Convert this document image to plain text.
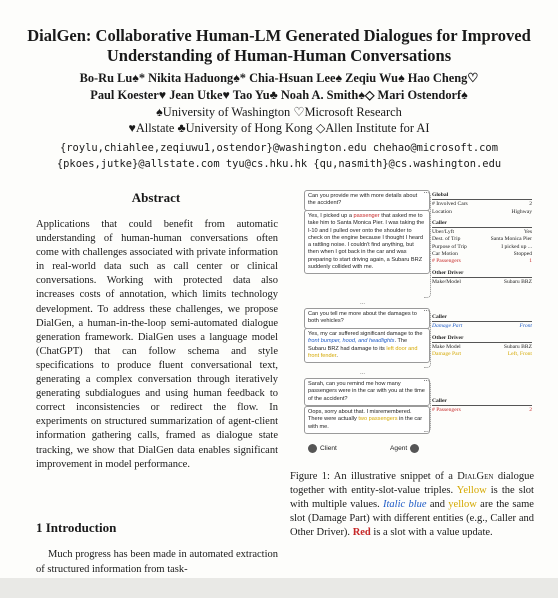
DialGen: Collaborative Human-LM Generated Dialogues for Improved Understanding of Human-Human Conversations
Bo-Ru Lu♠* Nikita Haduong♠* Chia-Hsuan Lee♠ Zeqiu Wu♠ Hao Cheng♡
Paul Koester♥ Jean Utke♥ Tao Yu♣ Noah A. Smith♠◇ Mari Ostendorf♠
♠University of Washington ♡Microsoft Research
♥Allstate ♣University of Hong Kong ◇Allen Institute for AI
{roylu,chiahlee,zeqiuwu1,ostendor}@washington.edu chehao@microsoft.com
{pkoes,jutke}@allstate.com tyu@cs.hku.hk {qu,nasmith}@cs.washington.edu
Abstract
Applications that could benefit from automatic understanding of human-human conversations often come with challenges associated with private information in real-world data such as call center or clinical conversations. Working with protected data also increases costs of annotation, which limits technology development. To address these challenges, we propose DialGen, a human-in-the-loop semi-automated dialogue generation framework. DialGen uses a language model (ChatGPT) that can follow schema and style specifications to produce fluent conversational text, generating a complex conversation through iteratively generating subdialogues and using human feedback to correct inconsistencies or redirect the flow. In experiments on structured summarization of agent-client information gathering calls, framed as dialogue state tracking, we show that DialGen data enables significant improvement in model performance.
1 Introduction
Much progress has been made in automated extraction of structured information from task-
Can you provide me with more details about the accident?
Yes, I picked up a passenger that asked me to take him to Santa Monica Pier. I was taking the I-10 and I pulled over onto the shoulder to check on the engine because I thought I heard a rattling noise. I couldn't find anything, but then when I got back in the car and was preparing to start driving again, a Subaru BRZ suddenly collided with me.
...
Can you tell me more about the damages to both vehicles?
Yes, my car suffered significant damage to the front bumper, hood, and headlights. The Subaru BRZ had damage to its left door and front fender.
...
Sarah, can you remind me how many passengers were in the car with you at the time of the accident?
Oops, sorry about that. I misremembered. There were actually two passengers in the car with me.
Global
# Involved Cars	2
Location	Highway
Caller
Uber/Lyft	Yes
Dest. of Trip	Santa Monica Pier
Purpose of Trip	I picked up ...
Car Motion	Stopped
# Passengers	1
Other Driver
Make/Model	Subaru BRZ
Caller
Damage Part	Front
Other Driver
Make Model	Subaru BRZ
Damage Part	Left, Front
Caller
# Passengers	2
Client	Agent
Figure 1: An illustrative snippet of a DialGen dialogue together with entity-slot-value triples. Yellow is the slot with multiple values. Italic blue and yellow are the same slot (Damage Part) with different entities (e.g., Caller and Other Driver). Red is a slot with a value update.
